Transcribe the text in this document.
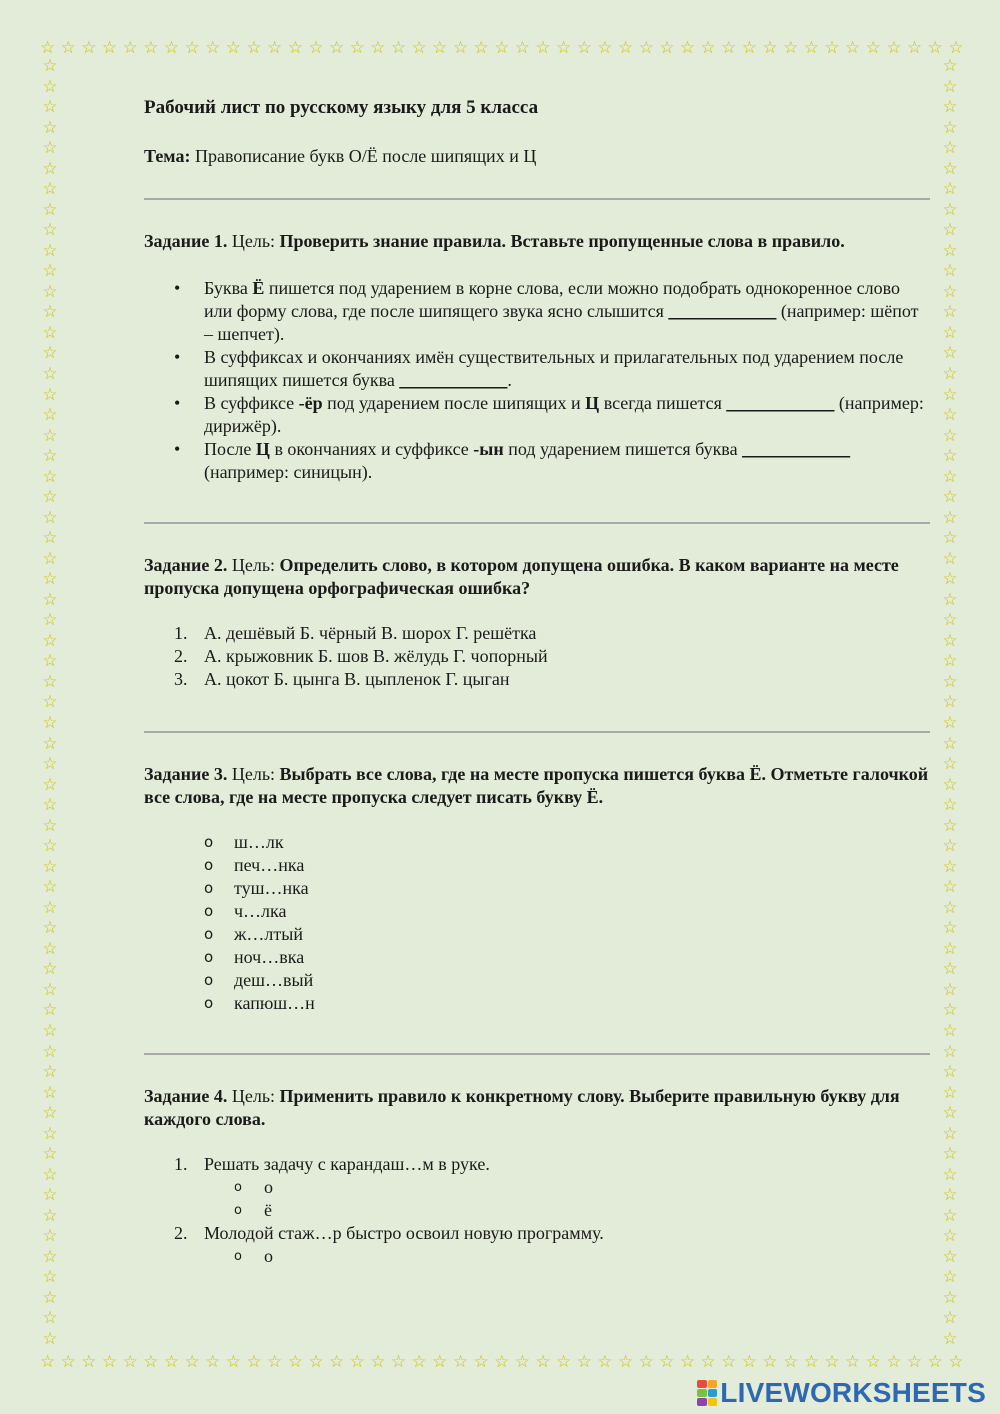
☆ ☆ ☆ ☆ ☆ ☆ ☆ ☆ ☆ ☆ ☆ ☆ ☆ ☆ ☆ ☆ ☆ ☆ ☆ ☆ ☆ ☆ ☆ ☆ ☆ ☆ ☆ ☆ ☆ ☆ ☆ ☆ ☆ ☆ ☆ ☆ ☆ ☆ ☆ ☆ ☆ ☆ ☆ ☆ ☆
☆ ☆ ☆ ☆ ☆ ☆ ☆ ☆ ☆ ☆ ☆ ☆ ☆ ☆ ☆ ☆ ☆ ☆ ☆ ☆ ☆ ☆ ☆ ☆ ☆ ☆ ☆ ☆ ☆ ☆ ☆ ☆ ☆ ☆ ☆ ☆ ☆ ☆ ☆ ☆ ☆ ☆ ☆ ☆ ☆
☆
☆
☆
☆
☆
☆
☆
☆
☆
☆
☆
☆
☆
☆
☆
☆
☆
☆
☆
☆
☆
☆
☆
☆
☆
☆
☆
☆
☆
☆
☆
☆
☆
☆
☆
☆
☆
☆
☆
☆
☆
☆
☆
☆
☆
☆
☆
☆
☆
☆
☆
☆
☆
☆
☆
☆
☆
☆
☆
☆
☆
☆
☆
☆
☆
☆
☆
☆
☆
☆
☆
☆
☆
☆
☆
☆
☆
☆
☆
☆
☆
☆
☆
☆
☆
☆
☆
☆
☆
☆
☆
☆
☆
☆
☆
☆
☆
☆
☆
☆
☆
☆
☆
☆
☆
☆
☆
☆
☆
☆
☆
☆
☆
☆
☆
☆
☆
☆
☆
☆
☆
☆
☆
☆
☆
☆
Рабочий лист по русскому языку для 5 класса
Тема: Правописание букв О/Ё после шипящих и Ц

Задание 1. Цель: Проверить знание правила. Вставьте пропущенные слова в правило.

• Буква Ё пишется под ударением в корне слова, если можно подобрать однокоренное слово или форму слова, где после шипящего звука ясно слышится ____________ (например: шёпот – шепчет).
• В суффиксах и окончаниях имён существительных и прилагательных под ударением после шипящих пишется буква ____________.
• В суффиксе -ёр под ударением после шипящих и Ц всегда пишется ____________ (например: дирижёр).
• После Ц в окончаниях и суффиксе -ын под ударением пишется буква ____________ (например: синицын).

Задание 2. Цель: Определить слово, в котором допущена ошибка. В каком варианте на месте пропуска допущена орфографическая ошибка?

1. А. дешёвый Б. чёрный В. шорох Г. решётка
2. А. крыжовник Б. шов В. жёлудь Г. чопорный
3. А. цокот Б. цынга В. цыпленок Г. цыган

Задание 3. Цель: Выбрать все слова, где на месте пропуска пишется буква Ё. Отметьте галочкой все слова, где на месте пропуска следует писать букву Ё.

o ш…лк
o печ…нка
o туш…нка
o ч…лка
o ж…лтый
o ноч…вка
o деш…вый
o капюш…н

Задание 4. Цель: Применить правило к конкретному слову. Выберите правильную букву для каждого слова.

1. Решать задачу с карандаш…м в руке.
o о
o ё
2. Молодой стаж…р быстро освоил новую программу.
o о
LIVEWORKSHEETS
